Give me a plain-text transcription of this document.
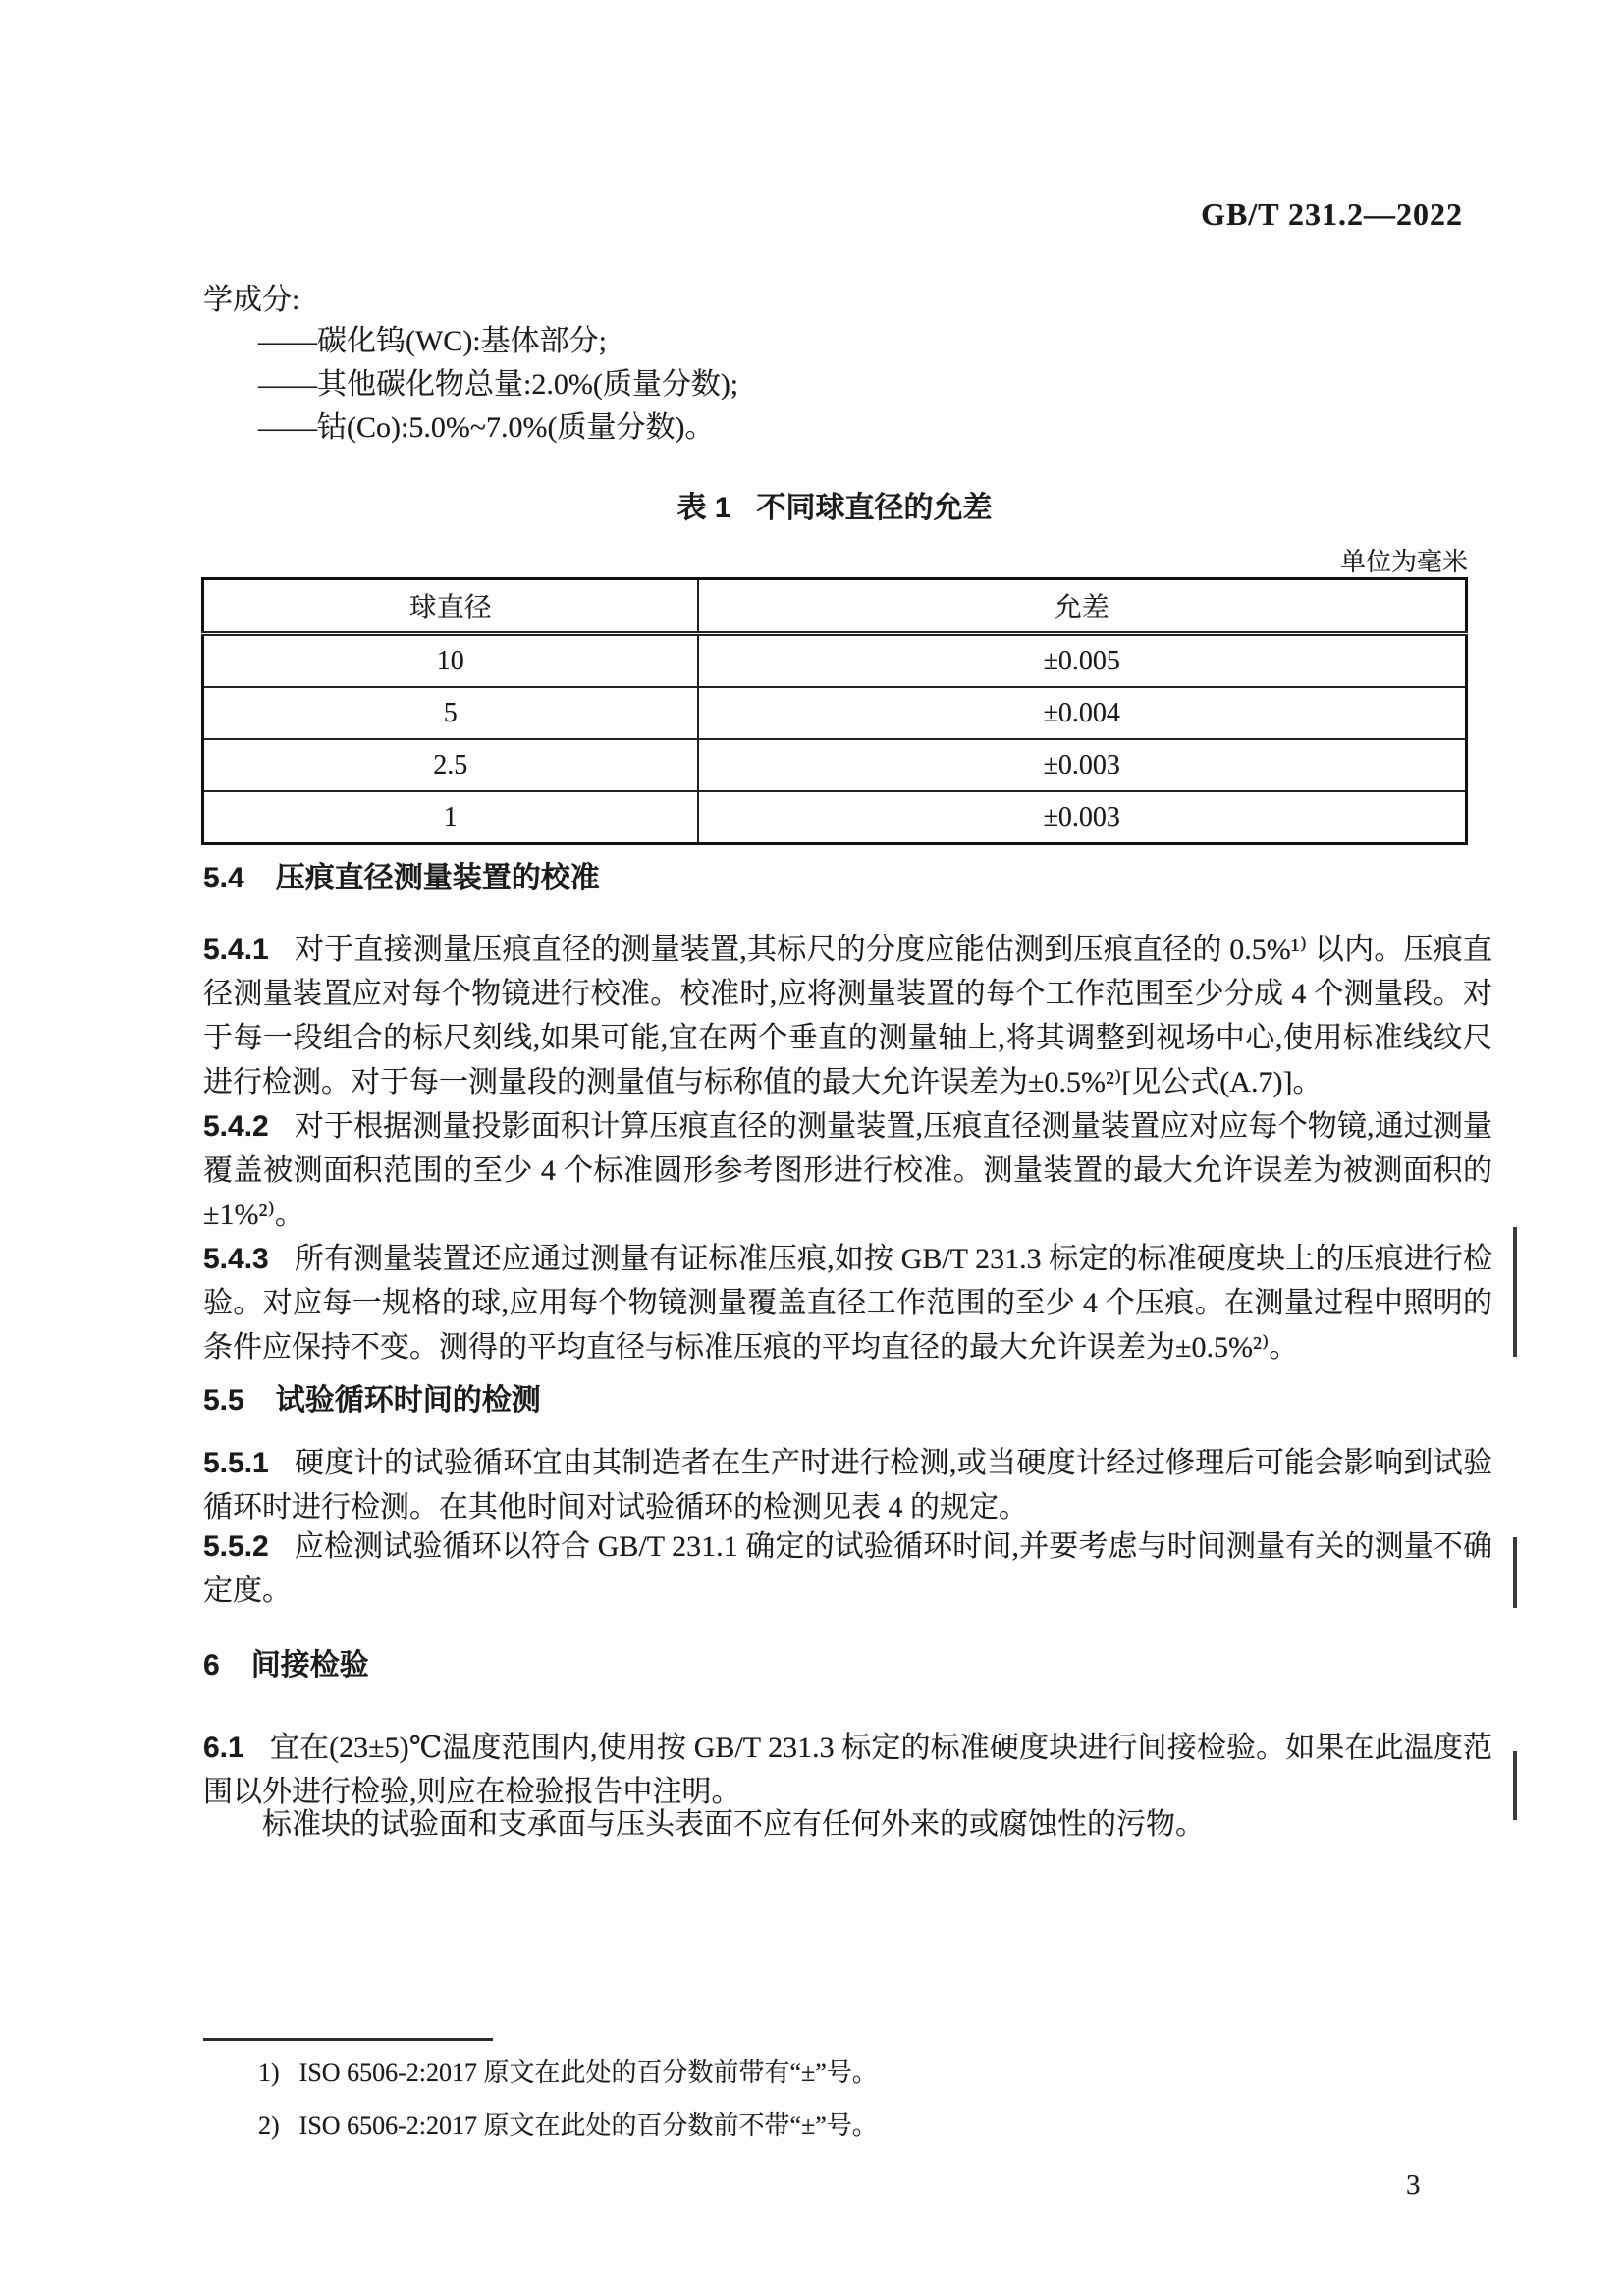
GB/T 231.2—2022
学成分:
——碳化钨(WC):基体部分;
——其他碳化物总量:2.0%(质量分数);
——钴(Co):5.0%~7.0%(质量分数)。
表 1 不同球直径的允差
单位为毫米
球直径	允差
10	±0.005
5	±0.004
2.5	±0.003
1	±0.003
5.4 压痕直径测量装置的校准
5.4.1 对于直接测量压痕直径的测量装置,其标尺的分度应能估测到压痕直径的 0.5%¹⁾ 以内。压痕直径测量装置应对每个物镜进行校准。校准时,应将测量装置的每个工作范围至少分成 4 个测量段。对于每一段组合的标尺刻线,如果可能,宜在两个垂直的测量轴上,将其调整到视场中心,使用标准线纹尺进行检测。对于每一测量段的测量值与标称值的最大允许误差为±0.5%²⁾[见公式(A.7)]。
5.4.2 对于根据测量投影面积计算压痕直径的测量装置,压痕直径测量装置应对应每个物镜,通过测量覆盖被测面积范围的至少 4 个标准圆形参考图形进行校准。测量装置的最大允许误差为被测面积的±1%²⁾。
5.4.3 所有测量装置还应通过测量有证标准压痕,如按 GB/T 231.3 标定的标准硬度块上的压痕进行检验。对应每一规格的球,应用每个物镜测量覆盖直径工作范围的至少 4 个压痕。在测量过程中照明的条件应保持不变。测得的平均直径与标准压痕的平均直径的最大允许误差为±0.5%²⁾。
5.5 试验循环时间的检测
5.5.1 硬度计的试验循环宜由其制造者在生产时进行检测,或当硬度计经过修理后可能会影响到试验循环时进行检测。在其他时间对试验循环的检测见表 4 的规定。
5.5.2 应检测试验循环以符合 GB/T 231.1 确定的试验循环时间,并要考虑与时间测量有关的测量不确定度。
6 间接检验
6.1 宜在(23±5)℃温度范围内,使用按 GB/T 231.3 标定的标准硬度块进行间接检验。如果在此温度范围以外进行检验,则应在检验报告中注明。
标准块的试验面和支承面与压头表面不应有任何外来的或腐蚀性的污物。
1) ISO 6506-2:2017 原文在此处的百分数前带有“±”号。
2) ISO 6506-2:2017 原文在此处的百分数前不带“±”号。
3
